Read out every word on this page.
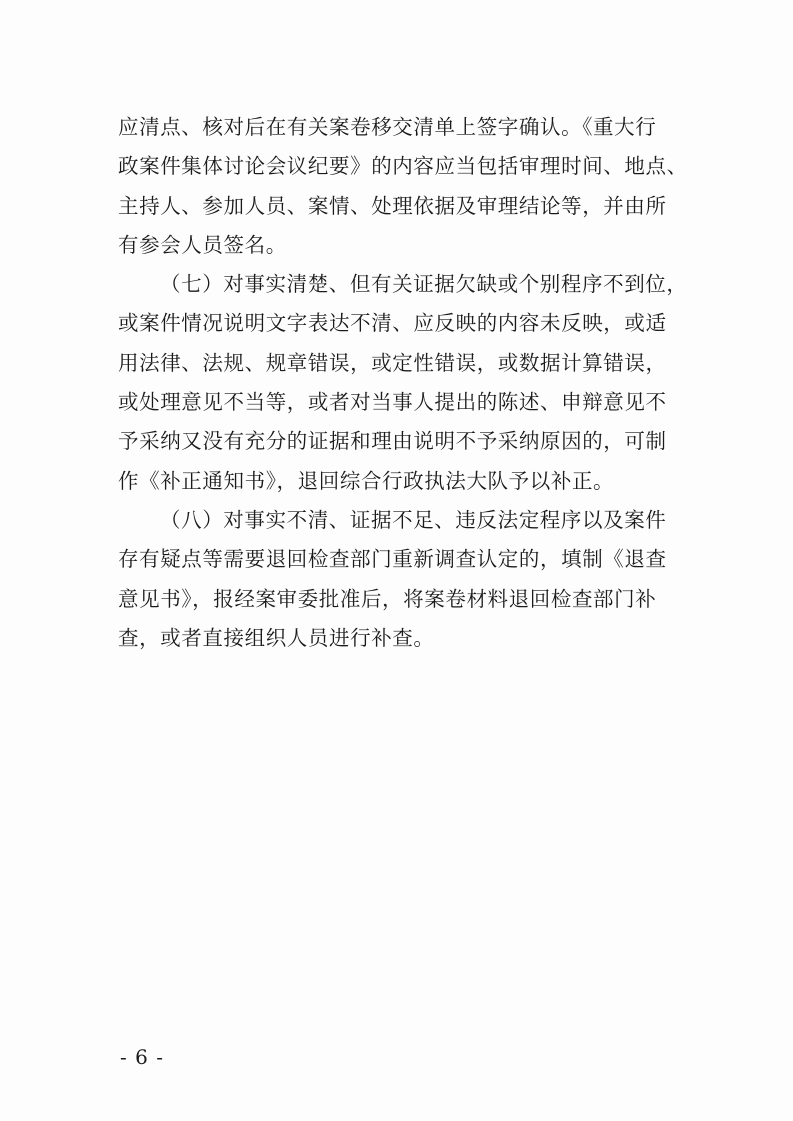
应清点、核对后在有关案卷移交清单上签字确认。《重大行
政案件集体讨论会议纪要》的内容应当包括审理时间、地点、
主持人、参加人员、案情、处理依据及审理结论等，并由所
有参会人员签名。
（七）对事实清楚、但有关证据欠缺或个别程序不到位，
或案件情况说明文字表达不清、应反映的内容未反映，或适
用法律、法规、规章错误，或定性错误，或数据计算错误，
或处理意见不当等，或者对当事人提出的陈述、申辩意见不
予采纳又没有充分的证据和理由说明不予采纳原因的，可制
作《补正通知书》，退回综合行政执法大队予以补正。
（八）对事实不清、证据不足、违反法定程序以及案件
存有疑点等需要退回检查部门重新调查认定的，填制《退查
意见书》，报经案审委批准后，将案卷材料退回检查部门补
查，或者直接组织人员进行补查。
- 6 -
